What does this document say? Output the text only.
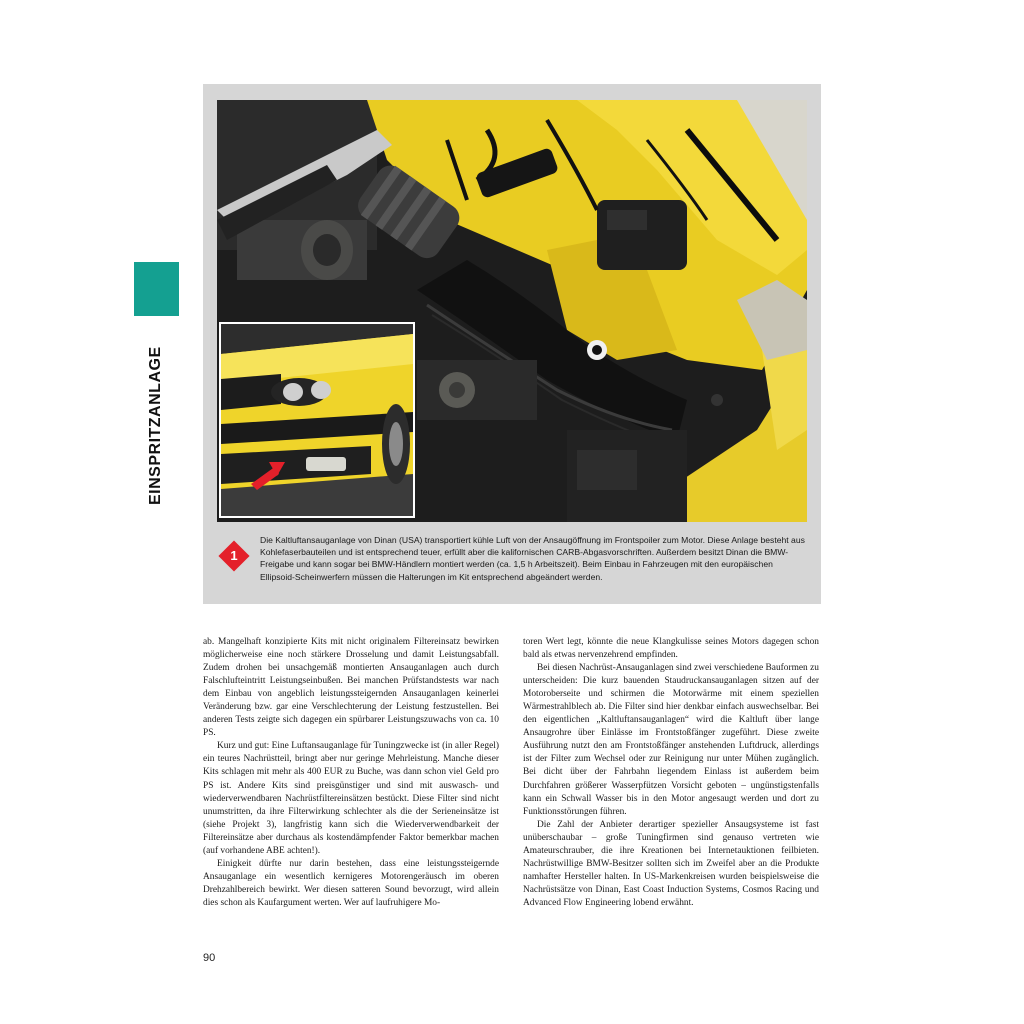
EINSPRITZANLAGE
1
Die Kaltluftansauganlage von Dinan (USA) transportiert kühle Luft von der Ansaugöffnung im Frontspoiler zum Motor. Diese Anlage besteht aus Kohlefaserbauteilen und ist entsprechend teuer, erfüllt aber die kalifornischen CARB-Abgasvorschriften. Außerdem besitzt Dinan die BMW-Freigabe und kann sogar bei BMW-Händlern montiert werden (ca. 1,5 h Arbeitszeit). Beim Einbau in Fahrzeugen mit den europäischen Ellipsoid-Scheinwerfern müssen die Halterungen im Kit entsprechend abgeändert werden.

ab. Mangelhaft konzipierte Kits mit nicht originalem Filtereinsatz bewirken möglicherweise eine noch stärkere Drosselung und damit Leistungsabfall. Zudem drohen bei unsachgemäß montierten Ansauganlagen auch durch Falschlufteintritt Leistungseinbußen. Bei manchen Prüfstandstests war nach dem Einbau von angeblich leistungssteigernden Ansauganlagen keinerlei Veränderung bzw. gar eine Verschlechterung der Leistung festzustellen. Bei anderen Tests zeigte sich dagegen ein spürbarer Leistungszuwachs von ca. 10 PS.

Kurz und gut: Eine Luftansauganlage für Tuningzwecke ist (in aller Regel) ein teures Nachrüstteil, bringt aber nur geringe Mehrleistung. Manche dieser Kits schlagen mit mehr als 400 EUR zu Buche, was dann schon viel Geld pro PS ist. Andere Kits sind preisgünstiger und sind mit auswasch- und wiederverwendbaren Nachrüstfiltereinsätzen bestückt. Diese Filter sind nicht unumstritten, da ihre Filterwirkung schlechter als die der Serieneinsätze ist (siehe Projekt 3), langfristig kann sich die Wiederverwendbarkeit der Filtereinsätze aber durchaus als kostendämpfender Faktor bemerkbar machen (auf vorhandene ABE achten!).

Einigkeit dürfte nur darin bestehen, dass eine leistungssteigernde Ansauganlage ein wesentlich kernigeres Motorengeräusch im oberen Drehzahlbereich bewirkt. Wer diesen satteren Sound bevorzugt, wird allein dies schon als Kaufargument werten. Wer auf laufruhigere Mo-

toren Wert legt, könnte die neue Klangkulisse seines Motors dagegen schon bald als etwas nervenzehrend empfinden.

Bei diesen Nachrüst-Ansauganlagen sind zwei verschiedene Bauformen zu unterscheiden: Die kurz bauenden Staudruckansauganlagen sitzen auf der Motoroberseite und schirmen die Motorwärme mit einem speziellen Wärmestrahlblech ab. Die Filter sind hier denkbar einfach auswechselbar. Bei den eigentlichen „Kaltluftansauganlagen“ wird die Kaltluft über lange Ansaugrohre über Einlässe im Frontstoßfänger zugeführt. Diese zweite Ausführung nutzt den am Frontstoßfänger anstehenden Luftdruck, allerdings ist der Filter zum Wechsel oder zur Reinigung nur unter Mühen zugänglich. Bei dicht über der Fahrbahn liegendem Einlass ist außerdem beim Durchfahren größerer Wasserpfützen Vorsicht geboten – ungünstigstenfalls kann ein Schwall Wasser bis in den Motor angesaugt werden und dort zu Funktionsstörungen führen.

Die Zahl der Anbieter derartiger spezieller Ansaugsysteme ist fast unüberschaubar – große Tuningfirmen sind genauso vertreten wie Amateurschrauber, die ihre Kreationen bei Internetauktionen feilbieten. Nachrüstwillige BMW-Besitzer sollten sich im Zweifel aber an die Produkte namhafter Hersteller halten. In US-Markenkreisen wurden beispielsweise die Nachrüstsätze von Dinan, East Coast Induction Systems, Cosmos Racing und Advanced Flow Engineering lobend erwähnt.

90
